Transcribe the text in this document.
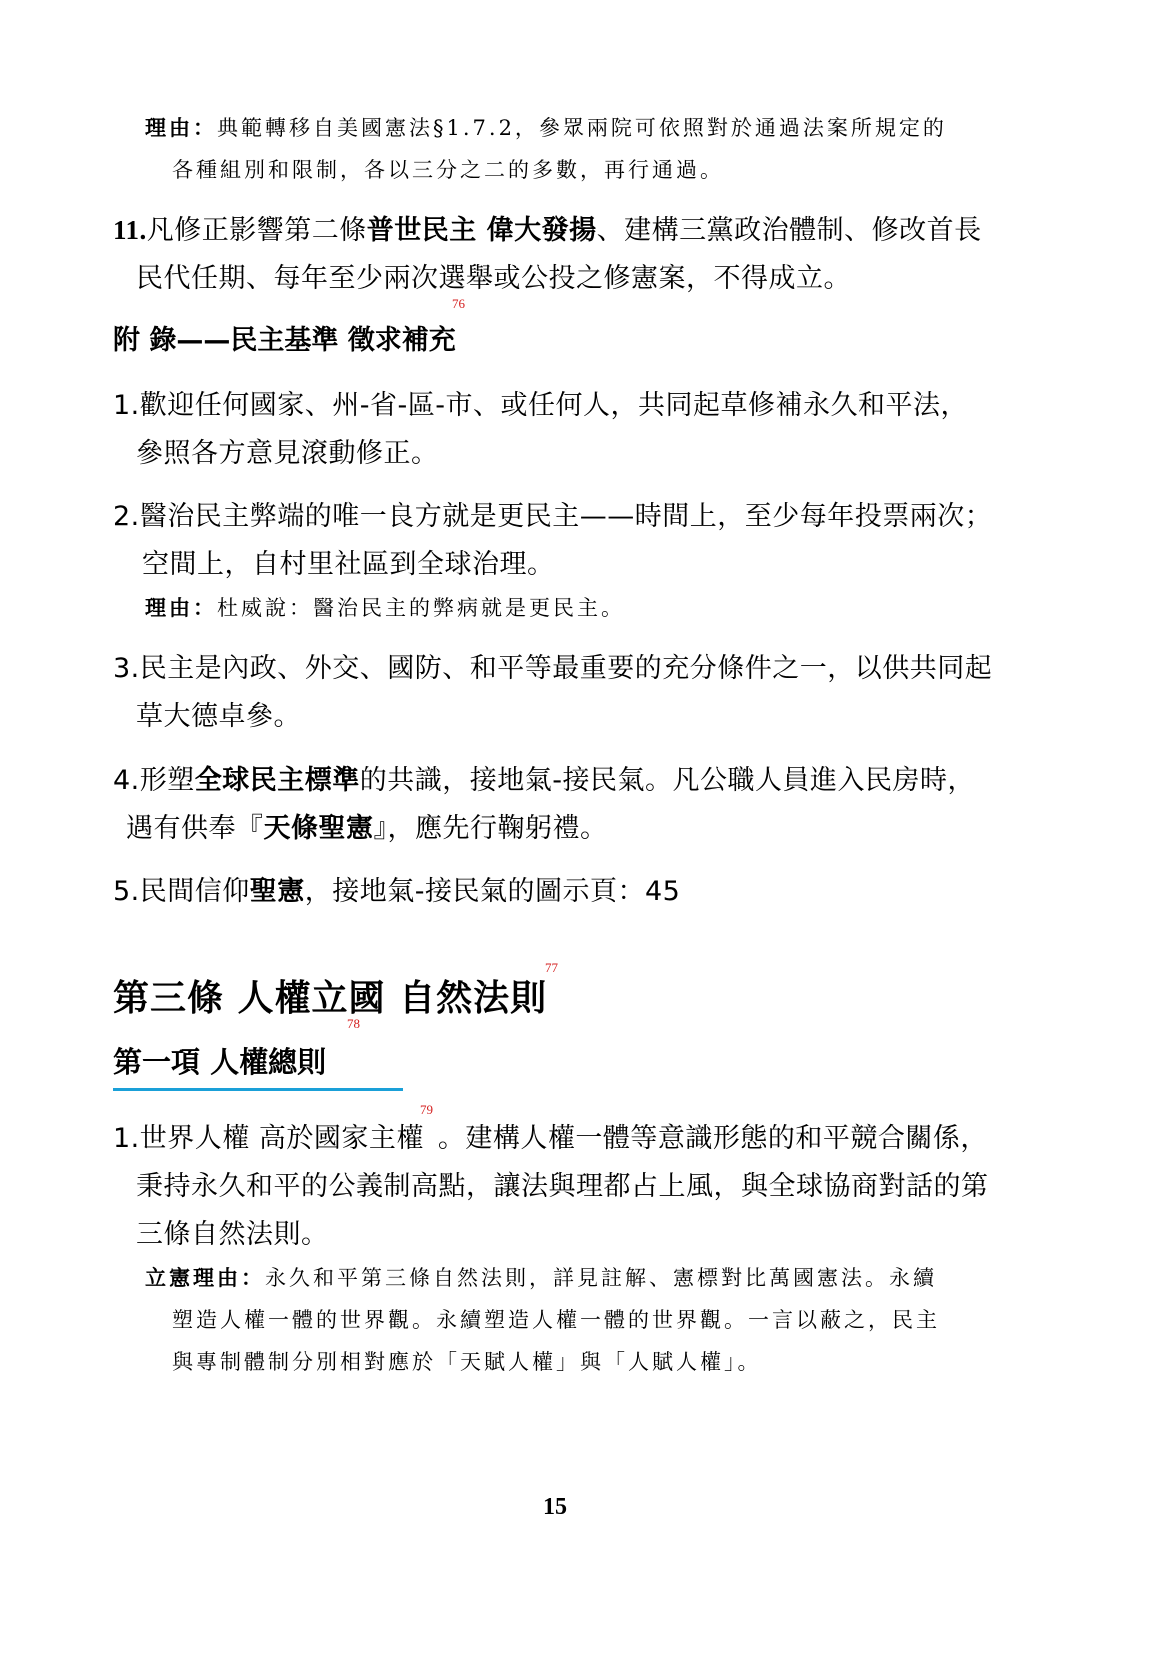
理由：典範轉移自美國憲法§1.7.2，參眾兩院可依照對於通過法案所規定的
各種組別和限制，各以三分之二的多數，再行通過。
11.凡修正影響第二條普世民主 偉大發揚、建構三黨政治體制、修改首長
民代任期、每年至少兩次選舉或公投之修憲案，不得成立。
76
附 錄——民主基準 徵求補充
1.歡迎任何國家、州-省-區-市、或任何人，共同起草修補永久和平法，
參照各方意見滾動修正。
2.醫治民主弊端的唯一良方就是更民主——時間上，至少每年投票兩次；
空間上，自村里社區到全球治理。
理由：杜威說：醫治民主的弊病就是更民主。
3.民主是內政、外交、國防、和平等最重要的充分條件之一，以供共同起
草大德卓參。
4.形塑全球民主標準的共識，接地氣-接民氣。凡公職人員進入民房時，
遇有供奉『天條聖憲』，應先行鞠躬禮。
5.民間信仰聖憲，接地氣-接民氣的圖示頁：45
第三條 人權立國 自然法則
77
78
第一項 人權總則
79
1.世界人權 高於國家主權 。建構人權一體等意識形態的和平競合關係，
秉持永久和平的公義制高點，讓法與理都占上風，與全球協商對話的第
三條自然法則。
立憲理由：永久和平第三條自然法則，詳見註解、憲標對比萬國憲法。永續
塑造人權一體的世界觀。永續塑造人權一體的世界觀。一言以蔽之，民主
與專制體制分別相對應於「天賦人權」與「人賦人權」。
15
